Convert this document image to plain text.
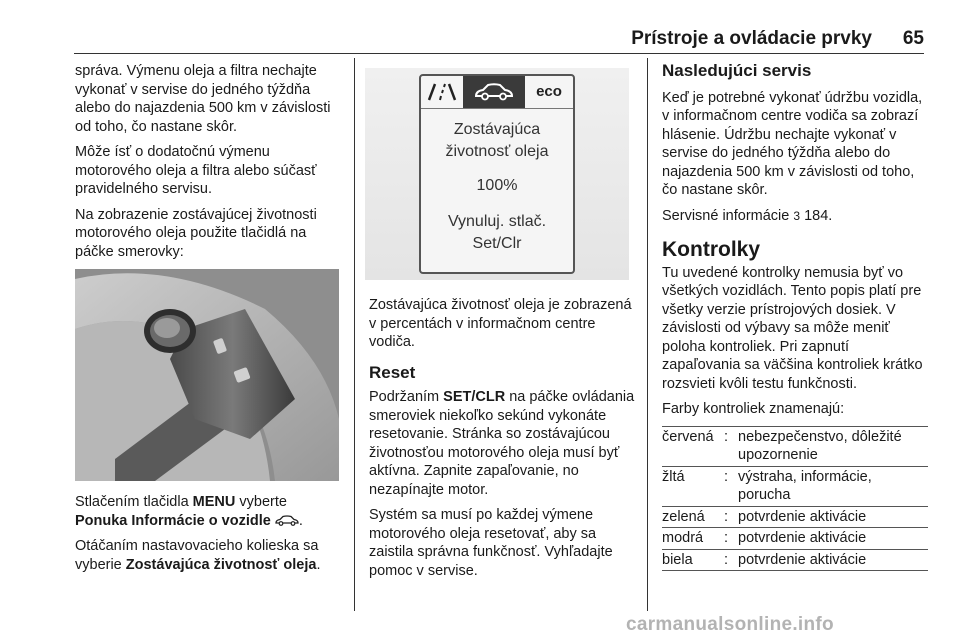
Prístroje a ovládacie prvky 65

správa. Výmenu oleja a filtra nechajte vykonať v servise do jedného týždňa alebo do najazdenia 500 km v závislosti od toho, čo nastane skôr.

Môže ísť o dodatočnú výmenu motorového oleja a filtra alebo súčasť pravidelného servisu.

Na zobrazenie zostávajúcej životnosti motorového oleja použite tlačidlá na páčke smerovky:

Stlačením tlačidla MENU vyberte Ponuka Informácie o vozidle .

Otáčaním nastavovacieho kolieska sa vyberie Zostávajúca životnosť oleja.

eco
Zostávajúca
životnosť oleja
100%
Vynuluj. stlač.
Set/Clr

Zostávajúca životnosť oleja je zobrazená v percentách v informačnom centre vodiča.

Reset

Podržaním SET/CLR na páčke ovládania smeroviek niekoľko sekúnd vykonáte resetovanie. Stránka so zostávajúcou životnosťou motorového oleja musí byť aktívna. Zapnite zapaľovanie, no nezapínajte motor.

Systém sa musí po každej výmene motorového oleja resetovať, aby sa zaistila správna funkčnosť. Vyhľadajte pomoc v servise.

Nasledujúci servis

Keď je potrebné vykonať údržbu vozidla, v informačnom centre vodiča sa zobrazí hlásenie. Údržbu nechajte vykonať v servise do jedného týždňa alebo do najazdenia 500 km v závislosti od toho, čo nastane skôr.

Servisné informácie 3 184.

Kontrolky

Tu uvedené kontrolky nemusia byť vo všetkých vozidlách. Tento popis platí pre všetky verzie prístrojových dosiek. V závislosti od výbavy sa môže meniť poloha kontroliek. Pri zapnutí zapaľovania sa väčšina kontroliek krátko rozsvieti kvôli testu funkčnosti.

Farby kontroliek znamenajú:

červená : nebezpečenstvo, dôležité upozornenie
žltá	: výstraha, informácie, porucha
zelená	: potvrdenie aktivácie
modrá	: potvrdenie aktivácie
biela	: potvrdenie aktivácie
carmanualsonline.info
